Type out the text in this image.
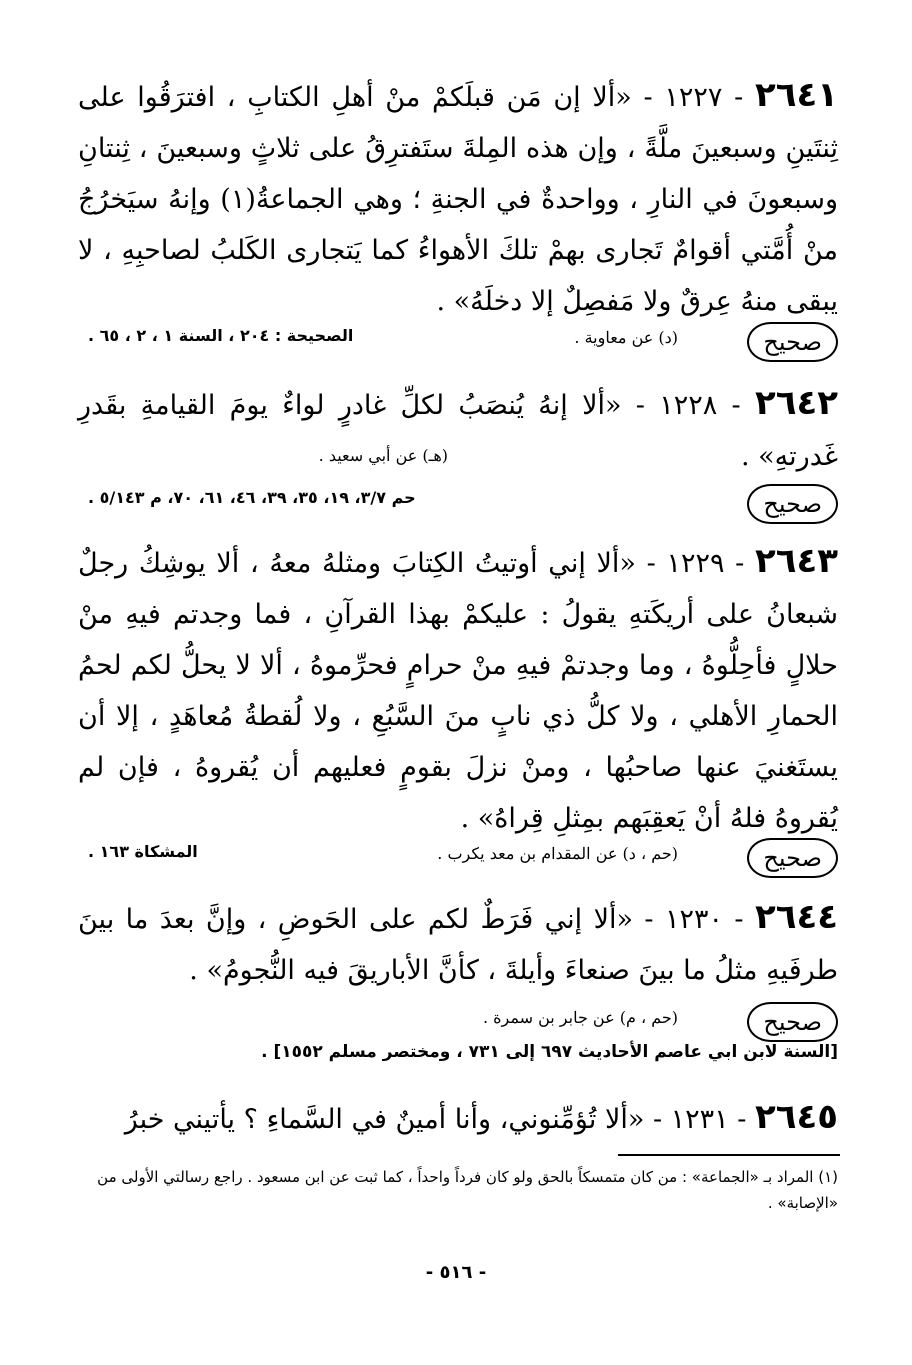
٢٦٤١ - ١٢٢٧ - «ألا إن مَن قبلَكمْ منْ أهلِ الكتابِ ، افترَقُوا على ثِنتَينِ وسبعينَ ملَّةً ، وإن هذه المِلةَ ستَفترِقُ على ثلاثٍ وسبعينَ ، ثِنتانِ وسبعونَ في النارِ ، وواحدةٌ في الجنةِ ؛ وهي الجماعةُ(١) وإنهُ سيَخرُجُ منْ أُمَّتي أقوامٌ تَجارى بهمْ تلكَ الأهواءُ كما يَتجارى الكَلبُ لصاحبِهِ ، لا يبقى منهُ عِرقٌ ولا مَفصِلٌ إلا دخلَهُ» .
صحيح
(د) عن معاوية .
الصحيحة : ٢٠٤ ، السنة ١ ، ٢ ، ٦٥ .
٢٦٤٢ - ١٢٢٨ - «ألا إنهُ يُنصَبُ لكلِّ غادرٍ لواءٌ يومَ القيامةِ بقَدرِ غَدرتهِ» .
صحيح
(هـ) عن أبي سعيد .
حم ٣/٧، ١٩، ٣٥، ٣٩، ٤٦، ٦١، ٧٠، م ٥/١٤٣ .
٢٦٤٣ - ١٢٢٩ - «ألا إني أوتيتُ الكِتابَ ومثلهُ معهُ ، ألا يوشِكُ رجلٌ شبعانُ على أريكَتهِ يقولُ : عليكمْ بهذا القرآنِ ، فما وجدتم فيهِ منْ حلالٍ فأحِلُّوهُ ، وما وجدتمْ فيهِ منْ حرامٍ فحرِّموهُ ، ألا لا يحلُّ لكم لحمُ الحمارِ الأهلي ، ولا كلُّ ذي نابٍ منَ السَّبُعِ ، ولا لُقطةُ مُعاهَدٍ ، إلا أن يستَغنيَ عنها صاحبُها ، ومنْ نزلَ بقومٍ فعليهم أن يُقروهُ ، فإن لم يُقروهُ فلهُ أنْ يَعقِبَهم بمِثلِ قِراهُ» .
صحيح
(حم ، د) عن المقدام بن معد يكرب .
المشكاة ١٦٣ .
٢٦٤٤ - ١٢٣٠ - «ألا إني فَرَطٌ لكم على الحَوضِ ، وإنَّ بعدَ ما بينَ طرفَيهِ مثلُ ما بينَ صنعاءَ وأيلةَ ، كأنَّ الأباريقَ فيه النُّجومُ» .
صحيح
(حم ، م) عن جابر بن سمرة .
[السنة لابن ابي عاصم الأحاديث ٦٩٧ إلى ٧٣١ ، ومختصر مسلم ١٥٥٢] .
٢٦٤٥ - ١٢٣١ - «ألا تُؤمِّنوني، وأنا أمينٌ في السَّماءِ ؟ يأتيني خبرُ
(١) المراد بـ «الجماعة» : من كان متمسكاً بالحق ولو كان فرداً واحداً ، كما ثبت عن ابن مسعود . راجع رسالتي الأولى من «الإصابة» .
- ٥١٦ -
